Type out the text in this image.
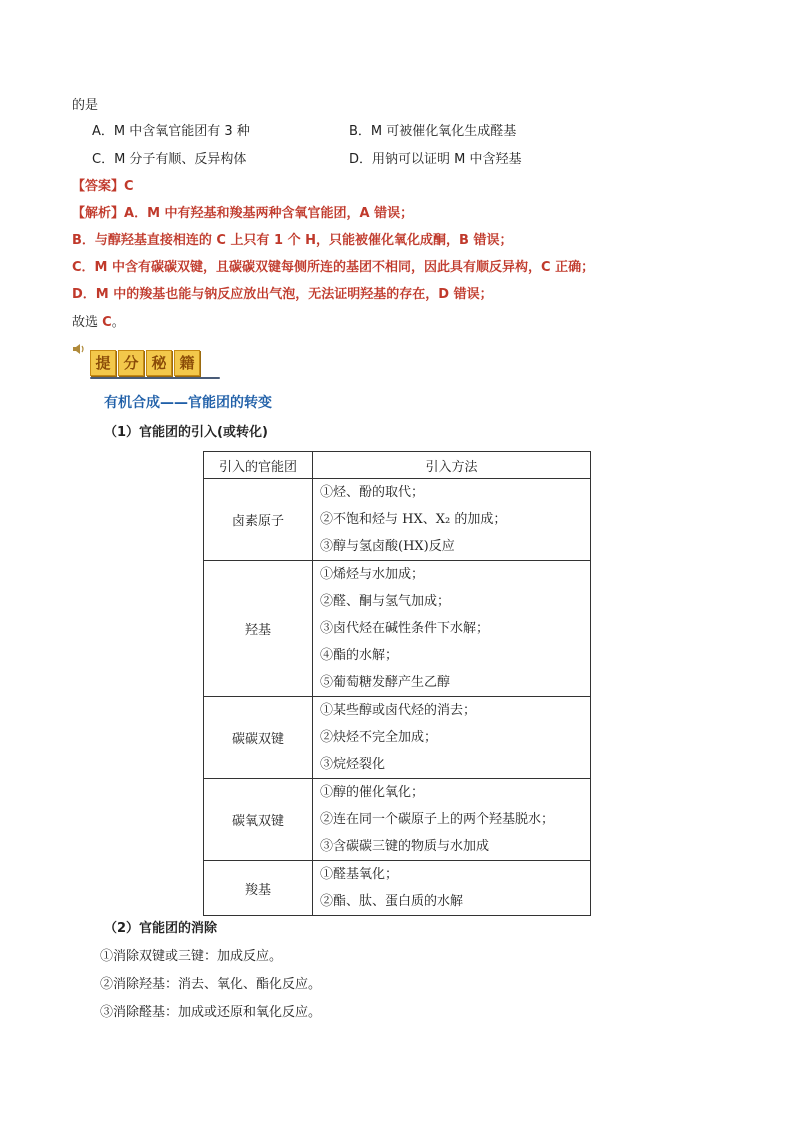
的是
A．M 中含氧官能团有 3 种	B．M 可被催化氧化生成醛基
C．M 分子有顺、反异构体	D．用钠可以证明 M 中含羟基
【答案】C
【解析】A．M 中有羟基和羧基两种含氧官能团，A 错误；
B．与醇羟基直接相连的 C 上只有 1 个 H，只能被催化氧化成酮，B 错误；
C．M 中含有碳碳双键，且碳碳双键每侧所连的基团不相同，因此具有顺反异构，C 正确；
D．M 中的羧基也能与钠反应放出气泡，无法证明羟基的存在，D 错误；
故选 C。
提 分 秘 籍
有机合成——官能团的转变
（1）官能团的引入(或转化)
引入的官能团	引入方法
卤素原子	①烃、酚的取代；
②不饱和烃与 HX、X₂ 的加成；
③醇与氢卤酸(HX)反应

羟基	①烯烃与水加成；
②醛、酮与氢气加成；
③卤代烃在碱性条件下水解；
④酯的水解；
⑤葡萄糖发酵产生乙醇

碳碳双键	①某些醇或卤代烃的消去；
②炔烃不完全加成；
③烷烃裂化

碳氧双键	①醇的催化氧化；
②连在同一个碳原子上的两个羟基脱水；
③含碳碳三键的物质与水加成

羧基	①醛基氧化；
②酯、肽、蛋白质的水解
（2）官能团的消除
①消除双键或三键：加成反应。
②消除羟基：消去、氧化、酯化反应。
③消除醛基：加成或还原和氧化反应。
